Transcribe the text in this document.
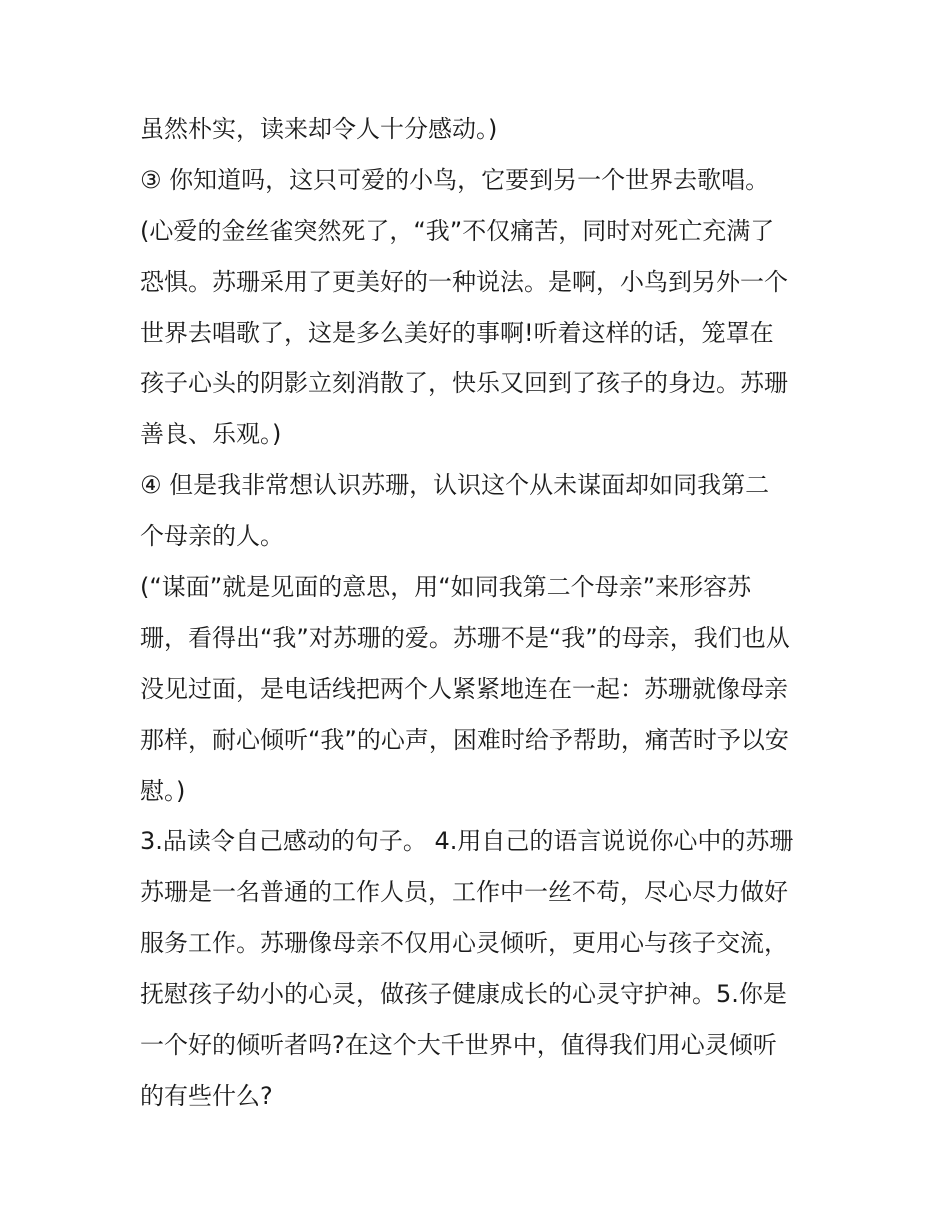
虽然朴实，读来却令人十分感动。)
③ 你知道吗，这只可爱的小鸟，它要到另一个世界去歌唱。
(心爱的金丝雀突然死了，“我”不仅痛苦，同时对死亡充满了
恐惧。苏珊采用了更美好的一种说法。是啊，小鸟到另外一个
世界去唱歌了，这是多么美好的事啊!听着这样的话，笼罩在
孩子心头的阴影立刻消散了，快乐又回到了孩子的身边。苏珊
善良、乐观。)
④ 但是我非常想认识苏珊，认识这个从未谋面却如同我第二
个母亲的人。
(“谋面”就是见面的意思，用“如同我第二个母亲”来形容苏
珊，看得出“我”对苏珊的爱。苏珊不是“我”的母亲，我们也从
没见过面，是电话线把两个人紧紧地连在一起：苏珊就像母亲
那样，耐心倾听“我”的心声，困难时给予帮助，痛苦时予以安
慰。)
3.品读令自己感动的句子。 4.用自己的语言说说你心中的苏珊
苏珊是一名普通的工作人员，工作中一丝不苟，尽心尽力做好
服务工作。苏珊像母亲不仅用心灵倾听，更用心与孩子交流，
抚慰孩子幼小的心灵，做孩子健康成长的心灵守护神。5.你是
一个好的倾听者吗?在这个大千世界中，值得我们用心灵倾听
的有些什么?
